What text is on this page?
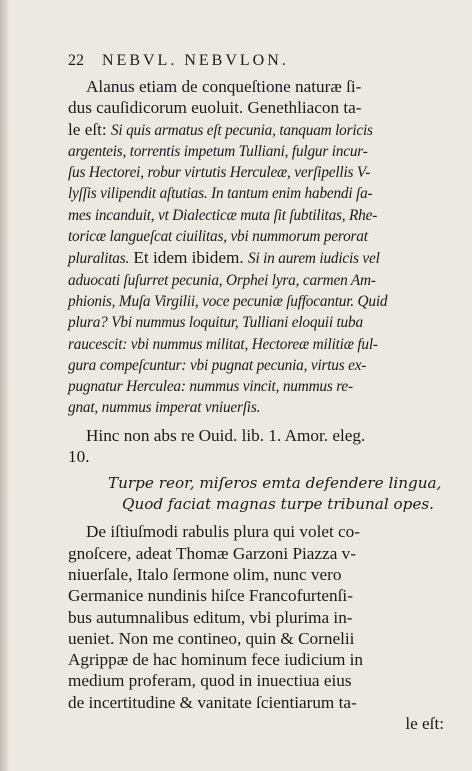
22 NEBVL. NEBVLON.
Alanus etiam de conqueſtione naturæ ſi-
dus cauſidicorum euoluit. Genethliacon ta-
le eſt: Si quis armatus eſt pecunia, tanquam loricis
argenteis, torrentis impetum Tulliani, fulgur incur-
ſus Hectorei, robur virtutis Herculeæ, verſipellis V-
lyſſis vilipendit aſtutias. In tantum enim habendi ſa-
mes incanduit, vt Dialecticæ muta ſit ſubtilitas, Rhe-
toricæ langueſcat ciuilitas, vbi nummorum perorat
pluralitas. Et idem ibidem. Si in aurem iudicis vel
aduocati ſuſurret pecunia, Orphei lyra, carmen Am-
phionis, Muſa Virgilii, voce pecuniæ ſuffocantur. Quid
plura? Vbi nummus loquitur, Tulliani eloquii tuba
raucescit: vbi nummus militat, Hectoreæ militiæ ful-
gura compeſcuntur: vbi pugnat pecunia, virtus ex-
pugnatur Herculea: nummus vincit, nummus re-
gnat, nummus imperat vniuerſis.
Hinc non abs re Ouid. lib. 1. Amor. eleg.
10.
Turpe reor, miſeros emta defendere lingua,
Quod faciat magnas turpe tribunal opes.
De iſtiuſmodi rabulis plura qui volet co-
gnoſcere, adeat Thomæ Garzoni Piazza v-
niuerſale, Italo ſermone olim, nunc vero
Germanice nundinis hiſce Francofurtenſi-
bus autumnalibus editum, vbi plurima in-
ueniet. Non me contineo, quin & Cornelii
Agrippæ de hac hominum fece iudicium in
medium proferam, quod in inuectiua eius
de incertitudine & vanitate ſcientiarum ta-
le eſt:
